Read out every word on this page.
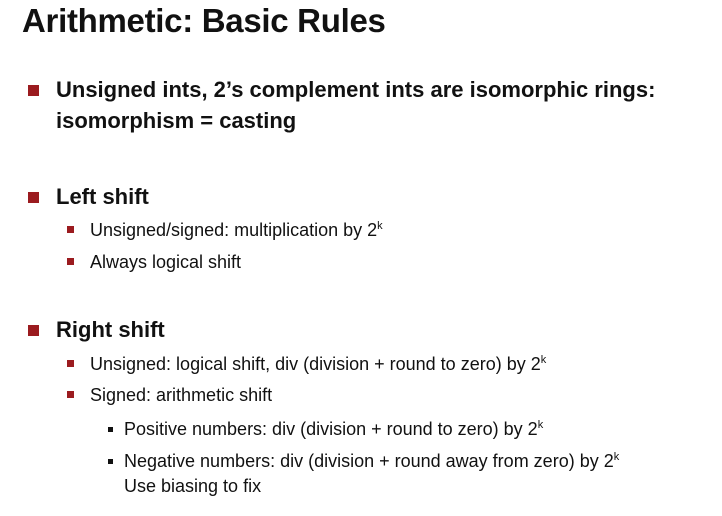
Arithmetic: Basic Rules
Unsigned ints, 2’s complement ints are isomorphic rings:
isomorphism = casting
Left shift
Unsigned/signed: multiplication by 2$^k$
Always logical shift
Right shift
Unsigned: logical shift, div (division + round to zero) by 2$^k$
Signed: arithmetic shift
Positive numbers: div (division + round to zero) by 2$^k$
Negative numbers: div (division + round away from zero) by 2$^k$
Use biasing to fix
